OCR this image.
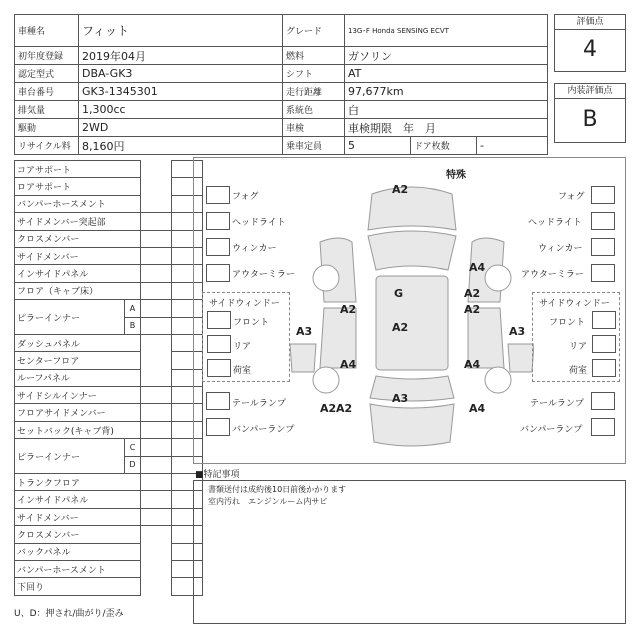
車種名	フィット	グレード	13G･F Honda SENSING ECVT		
初年度登録	2019年04月	燃料	ガソリン		
認定型式	DBA-GK3	シフト	AT		
車台番号	GK3-1345301	走行距離	97,677km		
排気量	1,300cc	系統色	白		
駆動	2WD	車検	車検期限　年　月		
リサイクル料	8,160円	乗車定員	5	ドア枚数	-
評価点
4
内装評価点
B
コアサポート			
ロアサポート			
バンパーホースメント			
サイドメンバー突起部			
クロスメンバー			
サイドメンバー			
インサイドパネル			
フロア（キャブ床）			
ピラーインナー	A		
	B		
ダッシュパネル			
センターフロア			
ルーフパネル			
サイドシルインナー			
フロアサイドメンバー			
セットバック(キャブ背)			
ピラーインナー	C		
	D		
トランクフロア			
インサイドパネル			
サイドメンバー			
クロスメンバー			
バックパネル			
バンパーホースメント			
下回り			
特殊
フォグ
ヘッドライト
ウィンカー
アウターミラー
サイドウィンドー
フロント
リア
荷室
テールランプ
バンパーランプ
フォグ
ヘッドライト
ウィンカー
アウターミラー
サイドウィンドー
フロント
リア
荷室
テールランプ
バンパーランプ
A2
A4
A2
G	A2
A2
A2
A3	A3
A4	A4
A3
A2 A2	A4
■特記事項
書類送付は成約後10日前後かかります
室内汚れ　エンジンルーム内サビ
U、D：押され/曲がり/歪み
